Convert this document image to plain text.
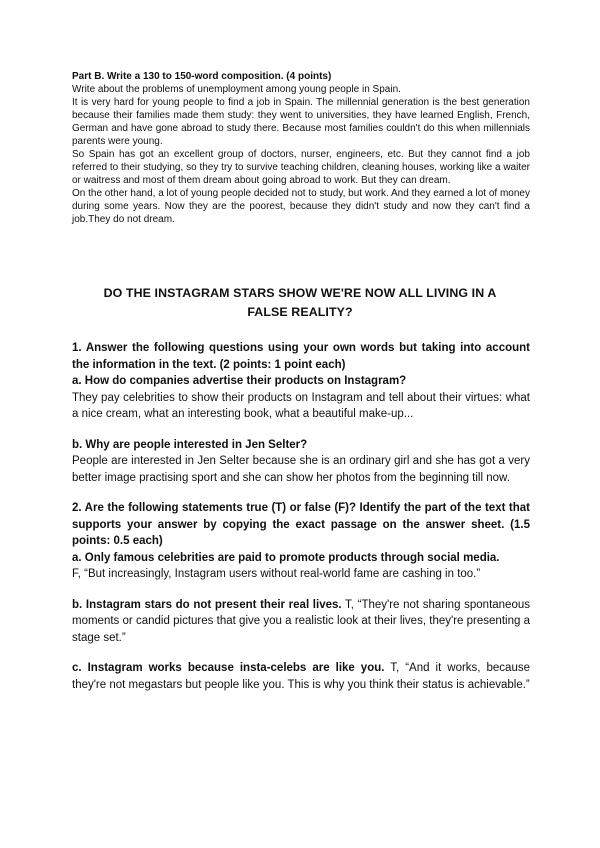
Part B. Write a 130 to 150-word composition. (4 points)

Write about the problems of unemployment among young people in Spain.

It is very hard for young people to find a job in Spain. The millennial generation is the best generation because their families made them study: they went to universities, they have learned English, French, German and have gone abroad to study there. Because most families couldn't do this when millennials parents were young.

So Spain has got an excellent group of doctors, nurser, engineers, etc. But they cannot find a job referred to their studying, so they try to survive teaching children, cleaning houses, working like a waiter or waitress and most of them dream about going abroad to work. But they can dream.

On the other hand, a lot of young people decided not to study, but work. And they earned a lot of money during some years. Now they are the poorest, because they didn't study and now they can't find a job.They do not dream.

DO THE INSTAGRAM STARS SHOW WE'RE NOW ALL LIVING IN A
FALSE REALITY?

1. Answer the following questions using your own words but taking into account the information in the text. (2 points: 1 point each)

a. How do companies advertise their products on Instagram?

They pay celebrities to show their products on Instagram and tell about their virtues: what a nice cream, what an interesting book, what a beautiful make-up...

b. Why are people interested in Jen Selter?

People are interested in Jen Selter because she is an ordinary girl and she has got a very better image practising sport and she can show her photos from the beginning till now.

2. Are the following statements true (T) or false (F)? Identify the part of the text that supports your answer by copying the exact passage on the answer sheet. (1.5 points: 0.5 each)

a. Only famous celebrities are paid to promote products through social media.

F, “But increasingly, Instagram users without real-world fame are cashing in too.”

b. Instagram stars do not present their real lives. T, “They're not sharing spontaneous moments or candid pictures that give you a realistic look at their lives, they're presenting a stage set.”

c. Instagram works because insta-celebs are like you. T, “And it works, because they're not megastars but people like you. This is why you think their status is achievable.”
